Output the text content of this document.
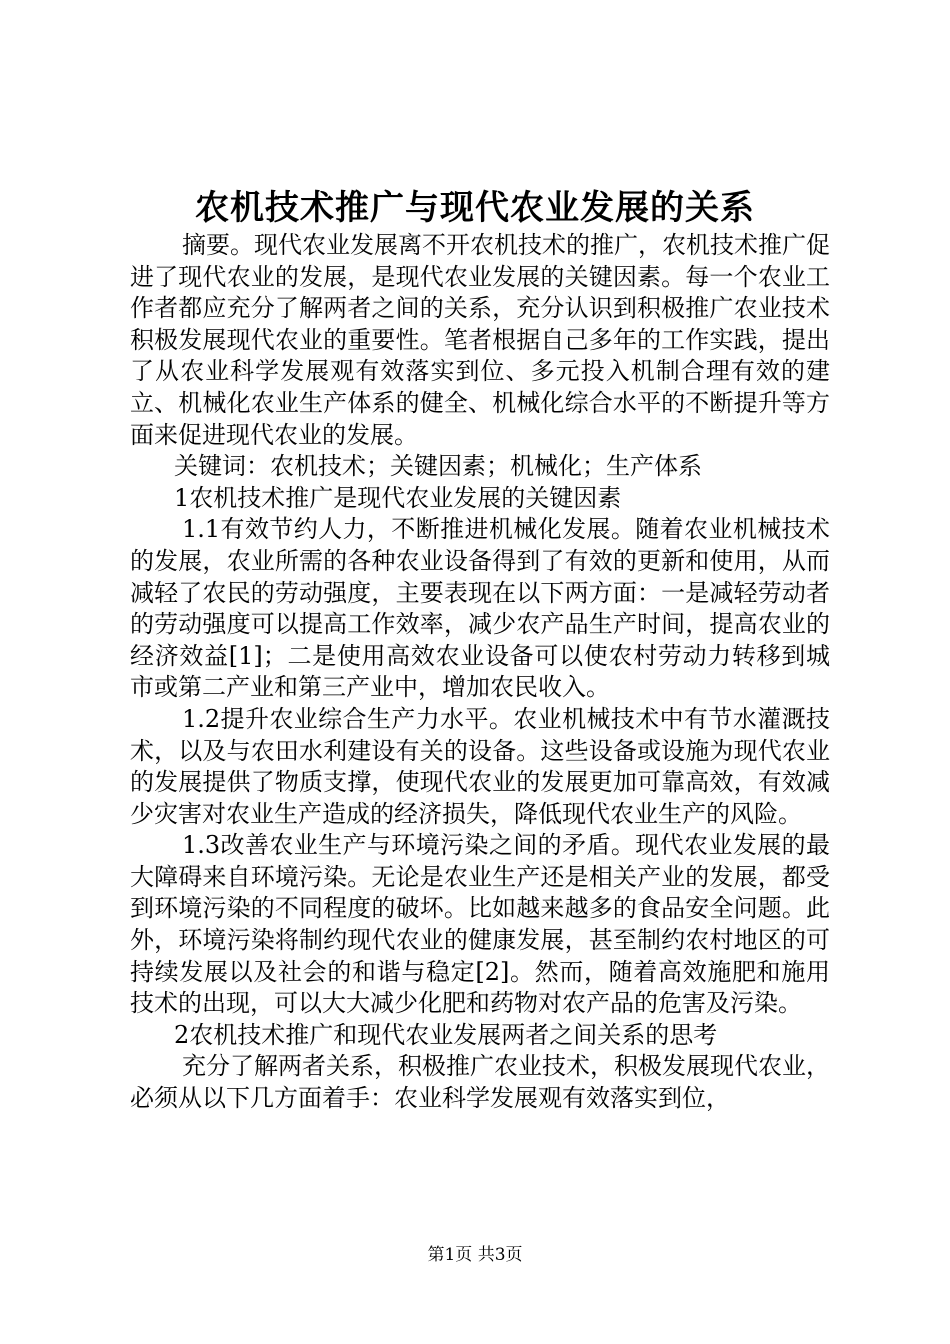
农机技术推广与现代农业发展的关系

摘要。现代农业发展离不开农机技术的推广，农机技术推广促进了现代农业的发展，是现代农业发展的关键因素。每一个农业工作者都应充分了解两者之间的关系，充分认识到积极推广农业技术积极发展现代农业的重要性。笔者根据自己多年的工作实践，提出了从农业科学发展观有效落实到位、多元投入机制合理有效的建立、机械化农业生产体系的健全、机械化综合水平的不断提升等方面来促进现代农业的发展。

关键词：农机技术；关键因素；机械化；生产体系

1农机技术推广是现代农业发展的关键因素

1.1有效节约人力，不断推进机械化发展。随着农业机械技术的发展，农业所需的各种农业设备得到了有效的更新和使用，从而减轻了农民的劳动强度，主要表现在以下两方面：一是减轻劳动者的劳动强度可以提高工作效率，减少农产品生产时间，提高农业的经济效益[1]；二是使用高效农业设备可以使农村劳动力转移到城市或第二产业和第三产业中，增加农民收入。

1.2提升农业综合生产力水平。农业机械技术中有节水灌溉技术，以及与农田水利建设有关的设备。这些设备或设施为现代农业的发展提供了物质支撑，使现代农业的发展更加可靠高效，有效减少灾害对农业生产造成的经济损失，降低现代农业生产的风险。

1.3改善农业生产与环境污染之间的矛盾。现代农业发展的最大障碍来自环境污染。无论是农业生产还是相关产业的发展，都受到环境污染的不同程度的破坏。比如越来越多的食品安全问题。此外，环境污染将制约现代农业的健康发展，甚至制约农村地区的可持续发展以及社会的和谐与稳定[2]。然而，随着高效施肥和施用技术的出现，可以大大减少化肥和药物对农产品的危害及污染。

2农机技术推广和现代农业发展两者之间关系的思考

充分了解两者关系，积极推广农业技术，积极发展现代农业，必须从以下几方面着手：农业科学发展观有效落实到位，

第1页 共3页
